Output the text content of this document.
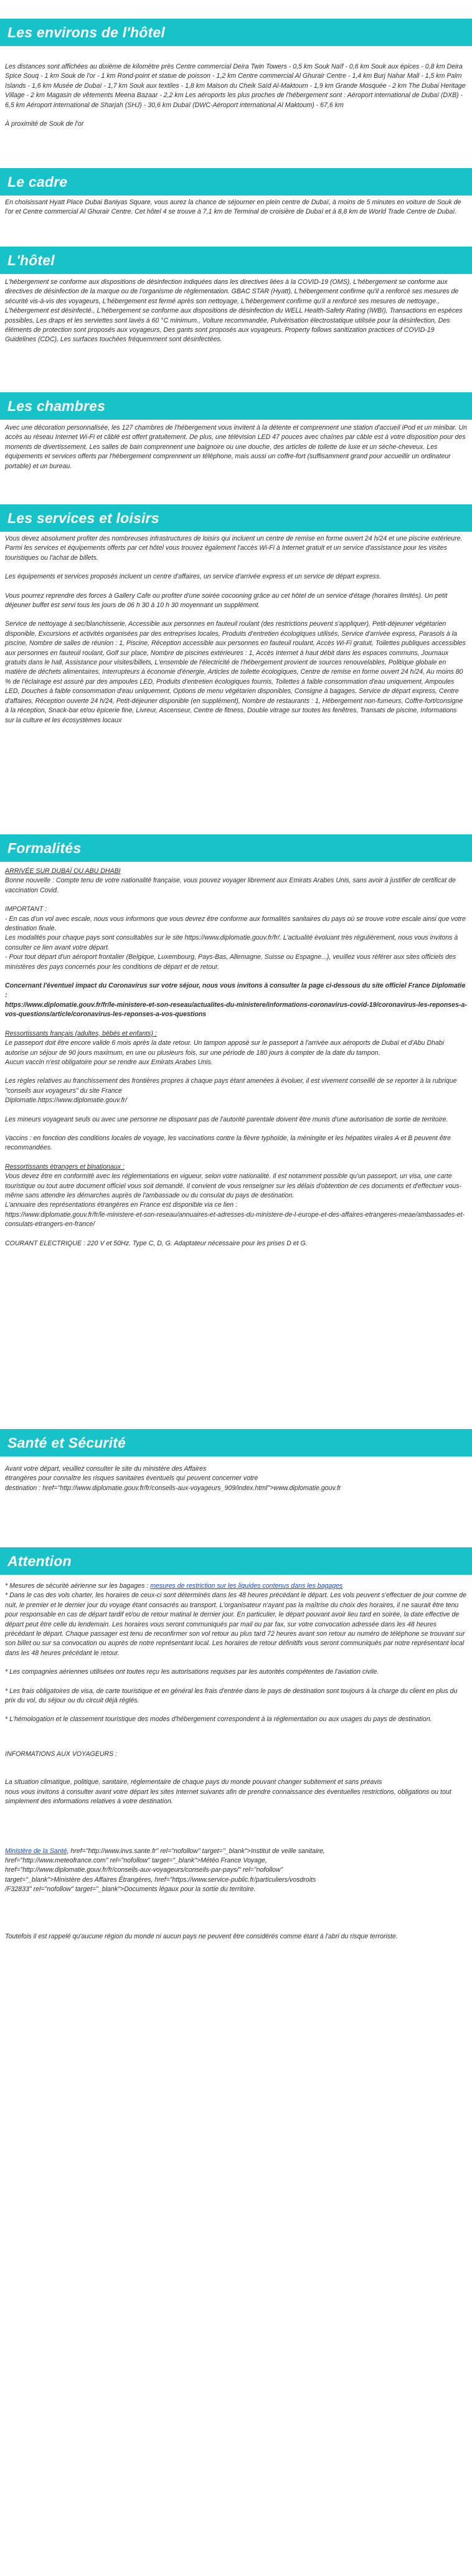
Les environs de l'hôtel

Les distances sont affichées au dixième de kilomètre près Centre commercial Deira Twin Towers - 0,5 km Souk Naïf - 0,6 km Souk aux épices - 0,8 km Deira Spice Souq - 1 km Souk de l'or - 1 km Rond-point et statue de poisson - 1,2 km Centre commercial Al Ghurair Centre - 1,4 km Burj Nahar Mall - 1,5 km Palm Islands - 1,6 km Musée de Dubaï - 1,7 km Souk aux textiles - 1,8 km Maison du Cheik Saïd Al-Maktoum - 1,9 km Grande Mosquée - 2 km The Dubai Heritage Village - 2 km Magasin de vêtements Meena Bazaar - 2,2 km Les aéroports les plus proches de l'hébergement sont : Aéroport international de Dubaï (DXB) - 6,5 km Aéroport international de Sharjah (SHJ) - 30,6 km Dubaï (DWC-Aéroport international Al Maktoum) - 67,6 km

À proximité de Souk de l'or

Le cadre

En choisissant Hyatt Place Dubai Baniyas Square, vous aurez la chance de séjourner en plein centre de Dubaï, à moins de 5 minutes en voiture de Souk de l'or et Centre commercial Al Ghurair Centre. Cet hôtel 4 se trouve à 7,1 km de Terminal de croisière de Dubaï et à 8,8 km de World Trade Centre de Dubaï.

L'hôtel

L'hébergement se conforme aux dispositions de désinfection indiquées dans les directives liées à la COVID-19 (OMS), L'hébergement se conforme aux directives de désinfection de la marque ou de l'organisme de réglementation. GBAC STAR (Hyatt), L'hébergement confirme qu'il a renforcé ses mesures de sécurité vis-à-vis des voyageurs, L'hébergement est fermé après son nettoyage, L'hébergement confirme qu'il a renforcé ses mesures de nettoyage., L'hébergement est désinfecté., L'hébergement se conforme aux dispositions de désinfection du WELL Health-Safety Rating (IWBI), Transactions en espèces possibles, Les draps et les serviettes sont lavés à 60 °C minimum., Voiture recommandée, Pulvérisation électrostatique utilisée pour la désinfection, Des éléments de protection sont proposés aux voyageurs, Des gants sont proposés aux voyageurs. Property follows sanitization practices of COVID-19 Guidelines (CDC), Les surfaces touchées fréquemment sont désinfectées.

Les chambres

Avec une décoration personnalisée, les 127 chambres de l'hébergement vous invitent à la détente et comprennent une station d'accueil iPod et un minibar. Un accès au réseau Internet Wi-Fi et câblé est offert gratuitement. De plus, une télévision LED 47 pouces avec chaînes par câble est à votre disposition pour des moments de divertissement. Les salles de bain comprennent une baignoire ou une douche, des articles de toilette de luxe et un sèche-cheveux. Les équipements et services offerts par l'hébergement comprennent un téléphone, mais aussi un coffre-fort (suffisamment grand pour accueillir un ordinateur portable) et un bureau.

Les services et loisirs

Vous devez absolument profiter des nombreuses infrastructures de loisirs qui incluent un centre de remise en forme ouvert 24 h/24 et une piscine extérieure. Parmi les services et équipements offerts par cet hôtel vous trouvez également l'accès Wi-Fi à Internet gratuit et un service d'assistance pour les visites touristiques ou l'achat de billets.

Les équipements et services proposés incluent un centre d'affaires, un service d'arrivée express et un service de départ express.

Vous pourrez reprendre des forces à Gallery Cafe ou profiter d'une soirée cocooning grâce au cet hôtel de un service d'étage (horaires limités). Un petit déjeuner buffet est servi tous les jours de 06 h 30 à 10 h 30 moyennant un supplément.

Service de nettoyage à sec/blanchisserie, Accessible aux personnes en fauteuil roulant (des restrictions peuvent s'appliquer), Petit-déjeuner végétarien disponible, Excursions et activités organisées par des entreprises locales, Produits d'entretien écologiques utilisés, Service d'arrivée express, Parasols à la piscine, Nombre de salles de réunion : 1, Piscine, Réception accessible aux personnes en fauteuil roulant, Accès Wi-Fi gratuit, Toilettes publiques accessibles aux personnes en fauteuil roulant, Golf sur place, Nombre de piscines extérieures : 1, Accès Internet à haut débit dans les espaces communs, Journaux gratuits dans le hall, Assistance pour visites/billets, L'ensemble de l'électricité de l'hébergement provient de sources renouvelables, Politique globale en matière de déchets alimentaires, Interrupteurs à économie d'énergie, Articles de toilette écologiques, Centre de remise en forme ouvert 24 h/24, Au moins 80 % de l'éclairage est assuré par des ampoules LED, Produits d'entretien écologiques fournis, Toilettes à faible consommation d'eau uniquement, Ampoules LED, Douches à faible consommation d'eau uniquement, Options de menu végétarien disponibles, Consigne à bagages, Service de départ express, Centre d'affaires, Réception ouverte 24 h/24, Petit-déjeuner disponible (en supplément), Nombre de restaurants : 1, Hébergement non-fumeurs, Coffre-fort/consigne à la réception, Snack-bar et/ou épicerie fine, Livreur, Ascenseur, Centre de fitness, Double vitrage sur toutes les fenêtres, Transats de piscine, Informations sur la culture et les écosystèmes locaux

Formalités

ARRIVÉE SUR DUBAÏ OU ABU DHABI

Bonne nouvelle : Compte tenu de votre nationalité française, vous pouvez voyager librement aux Emirats Arabes Unis, sans avoir à justifier de certificat de vaccination Covid.

IMPORTANT :

- En cas d'un vol avec escale, nous vous informons que vous devrez être conforme aux formalités sanitaires du pays où se trouve votre escale ainsi que votre destination finale.

Les modalités pour chaque pays sont consultables sur le site https://www.diplomatie.gouv.fr/fr/. L'actualité évoluant très régulièrement, nous vous invitons à consulter ce lien avant votre départ.

- Pour tout départ d'un aéroport frontalier (Belgique, Luxembourg, Pays-Bas, Allemagne, Suisse ou Espagne...), veuillez vous référer aux sites officiels des ministères des pays concernés pour les conditions de départ et de retour.

Concernant l'éventuel impact du Coronavirus sur votre séjour, nous vous invitons à consulter la page ci-dessous du site officiel France Diplomatie :

https://www.diplomatie.gouv.fr/fr/le-ministere-et-son-reseau/actualites-du-ministere/informations-coronavirus-covid-19/coronavirus-les-reponses-a-vos-questions/article/coronavirus-les-reponses-a-vos-questions

Ressortissants français (adultes, bébés et enfants) :

Le passeport doit être encore valide 6 mois après la date retour. Un tampon apposé sur le passeport à l'arrivée aux aéroports de Dubaï et d'Abu Dhabi autorise un séjour de 90 jours maximum, en une ou plusieurs fois, sur une période de 180 jours à compter de la date du tampon.

Aucun vaccin n'est obligatoire pour se rendre aux Emirats Arabes Unis.

Les règles relatives au franchissement des frontières propres à chaque pays étant amenées à évoluer, il est vivement conseillé de se reporter à la rubrique "conseils aux voyageurs" du site France

Diplomatie.https://www.diplomatie.gouv.fr/

Les mineurs voyageant seuls ou avec une personne ne disposant pas de l'autorité parentale doivent être munis d'une autorisation de sortie de territoire.

Vaccins : en fonction des conditions locales de voyage, les vaccinations contre la fièvre typhoïde, la méningite et les hépatites virales A et B peuvent être recommandées.

Ressortissants étrangers et binationaux :

Vous devez être en conformité avec les réglementations en vigueur, selon votre nationalité. Il est notamment possible qu'un passeport, un visa, une carte touristique ou tout autre document officiel vous soit demandé. Il convient de vous renseigner sur les délais d'obtention de ces documents et d'effectuer vous-même sans attendre les démarches auprès de l'ambassade ou du consulat du pays de destination.

L'annuaire des représentations étrangères en France est disponible via ce lien :

https://www.diplomatie.gouv.fr/fr/le-ministere-et-son-reseau/annuaires-et-adresses-du-ministere-de-l-europe-et-des-affaires-etrangeres-meae/ambassades-et-consulats-etrangers-en-france/

COURANT ELECTRIQUE : 220 V et 50Hz. Type C, D, G. Adaptateur nécessaire pour les prises D et G.

Santé et Sécurité

Avant votre départ, veuillez consulter le site du ministère des Affaires

étrangères pour connaître les risques sanitaires éventuels qui peuvent concerner votre

destination : href="http://www.diplomatie.gouv.fr/fr/conseils-aux-voyageurs_909/index.html">www.diplomatie.gouv.fr

Attention

* Mesures de sécurité aérienne sur les bagages : mesures de restriction sur les liquides contenus dans les bagages

* Dans le cas des vols charter, les horaires de ceux-ci sont déterminés dans les 48 heures précédant le départ. Les vols peuvent s'effectuer de jour comme de nuit, le premier et le dernier jour du voyage étant consacrés au transport. L'organisateur n'ayant pas la maîtrise du choix des horaires, il ne saurait être tenu pour responsable en cas de départ tardif et/ou de retour matinal le dernier jour. En particulier, le départ pouvant avoir lieu tard en soirée, la date effective de départ peut être celle du lendemain. Les horaires vous seront communiqués par mail ou par fax, sur votre convocation adressée dans les 48 heures précédant le départ. Chaque passager est tenu de reconfirmer son vol retour au plus tard 72 heures avant son retour au numéro de téléphone se trouvant sur son billet ou sur sa convocation ou auprès de notre représentant local. Les horaires de retour définitifs vous seront communiqués par notre représentant local dans les 48 heures précédant le retour.

* Les compagnies aériennes utilisées ont toutes reçu les autorisations requises par les autorités compétentes de l'aviation civile.

* Les frais obligatoires de visa, de carte touristique et en général les frais d'entrée dans le pays de destination sont toujours à la charge du client en plus du prix du vol, du séjour ou du circuit déjà réglés.

* L'hémologation et le classement touristique des modes d'hébergement correspondent à la réglementation ou aux usages du pays de destination.

INFORMATIONS AUX VOYAGEURS :

La situation climatique, politique, sanitaire, réglementaire de chaque pays du monde pouvant changer subitement et sans préavis

nous vous invitons à consulter avant votre départ les sites Internet suivants afin de prendre connaissance des éventuelles restrictions, obligations ou tout simplement des informations relatives à votre destination.

Ministère de la Santé, href="http://www.invs.sante.fr" rel="nofollow" target="_blank">Institut de veille sanitaire,

href="http://www.meteofrance.com" rel="nofollow" target="_blank">Météo France Voyage,

href="http://www.diplomatie.gouv.fr/fr/conseils-aux-voyageurs/conseils-par-pays/" rel="nofollow"

target="_blank">Ministère des Affaires Étrangères, href="https://www.service-public.fr/particuliers/vosdroits

/F32833" rel="nofollow" target="_blank">Documents légaux pour la sortie du territoire.

Toutefois il est rappelé qu'aucune région du monde ni aucun pays ne peuvent être considérés comme étant à l'abri du risque terroriste.
